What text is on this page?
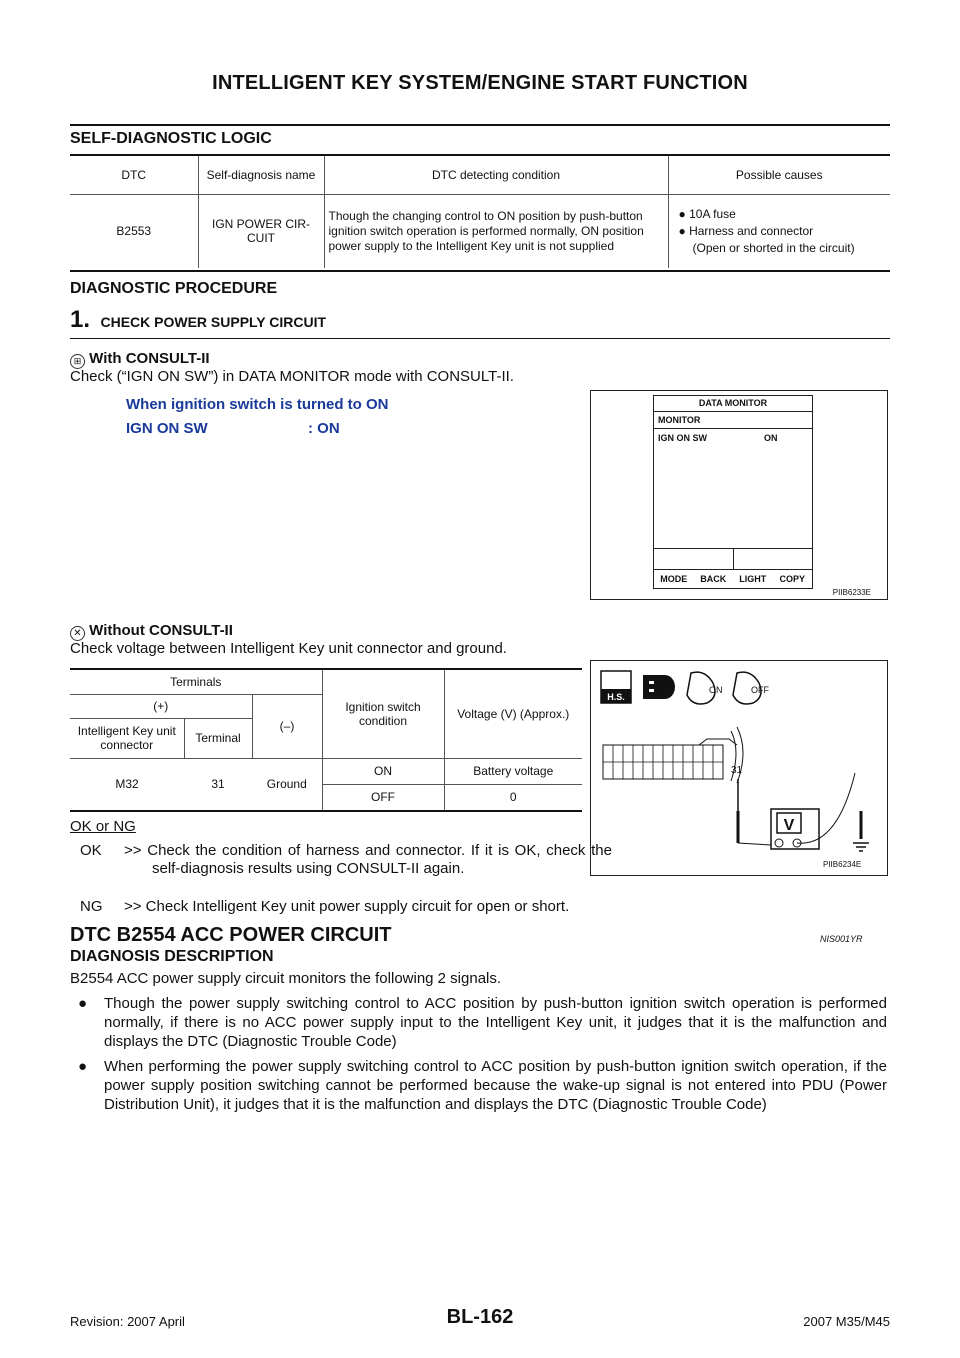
INTELLIGENT KEY SYSTEM/ENGINE START FUNCTION
SELF-DIAGNOSTIC LOGIC
DTC	Self-diagnosis name	DTC detecting condition	Possible causes
B2553	IGN POWER CIR-CUIT	Though the changing control to ON position by push-button ignition switch operation is performed normally, ON position power supply to the Intelligent Key unit is not supplied	● 10A fuse
● Harness and connector
(Open or shorted in the circuit)
DIAGNOSTIC PROCEDURE
1. CHECK POWER SUPPLY CIRCUIT
⊞ With CONSULT-II
Check (“IGN ON SW”) in DATA MONITOR mode with CONSULT-II.
When ignition switch is turned to ON
IGN ON SW	: ON
DATA MONITOR
MONITOR
IGN ON SW	ON
MODE	BACK	LIGHT	COPY
PIIB6233E
✕ Without CONSULT-II
Check voltage between Intelligent Key unit connector and ground.
Terminals			Ignition switch condition	Voltage (V) (Approx.)
(+)		(–)		
Intelligent Key unit connector	Terminal			
M32	31	Ground	ON	Battery voltage
			OFF	0
H.S.
ON	OFF
31
V
PIIB6234E
OK or NG
OK >> Check the condition of harness and connector. If it is OK, check the self-diagnosis results using CONSULT-II again.
NG >> Check Intelligent Key unit power supply circuit for open or short.
DTC B2554 ACC POWER CIRCUIT	NIS001YR
DIAGNOSIS DESCRIPTION
B2554 ACC power supply circuit monitors the following 2 signals.
● Though the power supply switching control to ACC position by push-button ignition switch operation is performed normally, if there is no ACC power supply input to the Intelligent Key unit, it judges that it is the malfunction and displays the DTC (Diagnostic Trouble Code)
● When performing the power supply switching control to ACC position by push-button ignition switch operation, if the power supply position switching cannot be performed because the wake-up signal is not entered into PDU (Power Distribution Unit), it judges that it is the malfunction and displays the DTC (Diagnostic Trouble Code)
Revision: 2007 April	BL-162	2007 M35/M45
